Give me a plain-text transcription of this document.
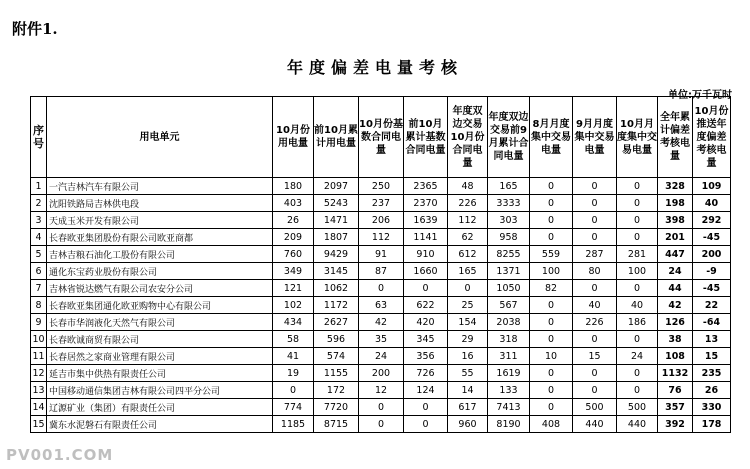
附件1.
年度偏差电量考核
单位:万千瓦时
序号	用电单元	10月份用电量	前10月累计用电量	10月份基数合同电量	前10月累计基数合同电量	年度双边交易10月份合同电量	年度双边交易前9月累计合同电量	8月月度集中交易电量	9月月度集中交易电量	10月月度集中交易电量	全年累计偏差考核电量	10月份推送年度偏差考核电量
1	一汽吉林汽车有限公司	180	2097	250	2365	48	165	0	0	0	328	109
2	沈阳铁路局吉林供电段	403	5243	237	2370	226	3333	0	0	0	198	40
3	天成玉米开发有限公司	26	1471	206	1639	112	303	0	0	0	398	292
4	长春欧亚集团股份有限公司欧亚商都	209	1807	112	1141	62	958	0	0	0	201	-45
5	吉林吉粮石油化工股份有限公司	760	9429	91	910	612	8255	559	287	281	447	200
6	通化东宝药业股份有限公司	349	3145	87	1660	165	1371	100	80	100	24	-9
7	吉林省锐达燃气有限公司农安分公司	121	1062	0	0	0	1050	82	0	0	44	-45
8	长春欧亚集团通化欧亚购物中心有限公司	102	1172	63	622	25	567	0	40	40	42	22
9	长春市华润液化天然气有限公司	434	2627	42	420	154	2038	0	226	186	126	-64
10	长春欧诚商贸有限公司	58	596	35	345	29	318	0	0	0	38	13
11	长春居然之家商业管理有限公司	41	574	24	356	16	311	10	15	24	108	15
12	延吉市集中供热有限责任公司	19	1155	200	726	55	1619	0	0	0	1132	235
13	中国移动通信集团吉林有限公司四平分公司	0	172	12	124	14	133	0	0	0	76	26
14	辽源矿业（集团）有限责任公司	774	7720	0	0	617	7413	0	500	500	357	330
15	冀东水泥磐石有限责任公司	1185	8715	0	0	960	8190	408	440	440	392	178
PV001.COM
